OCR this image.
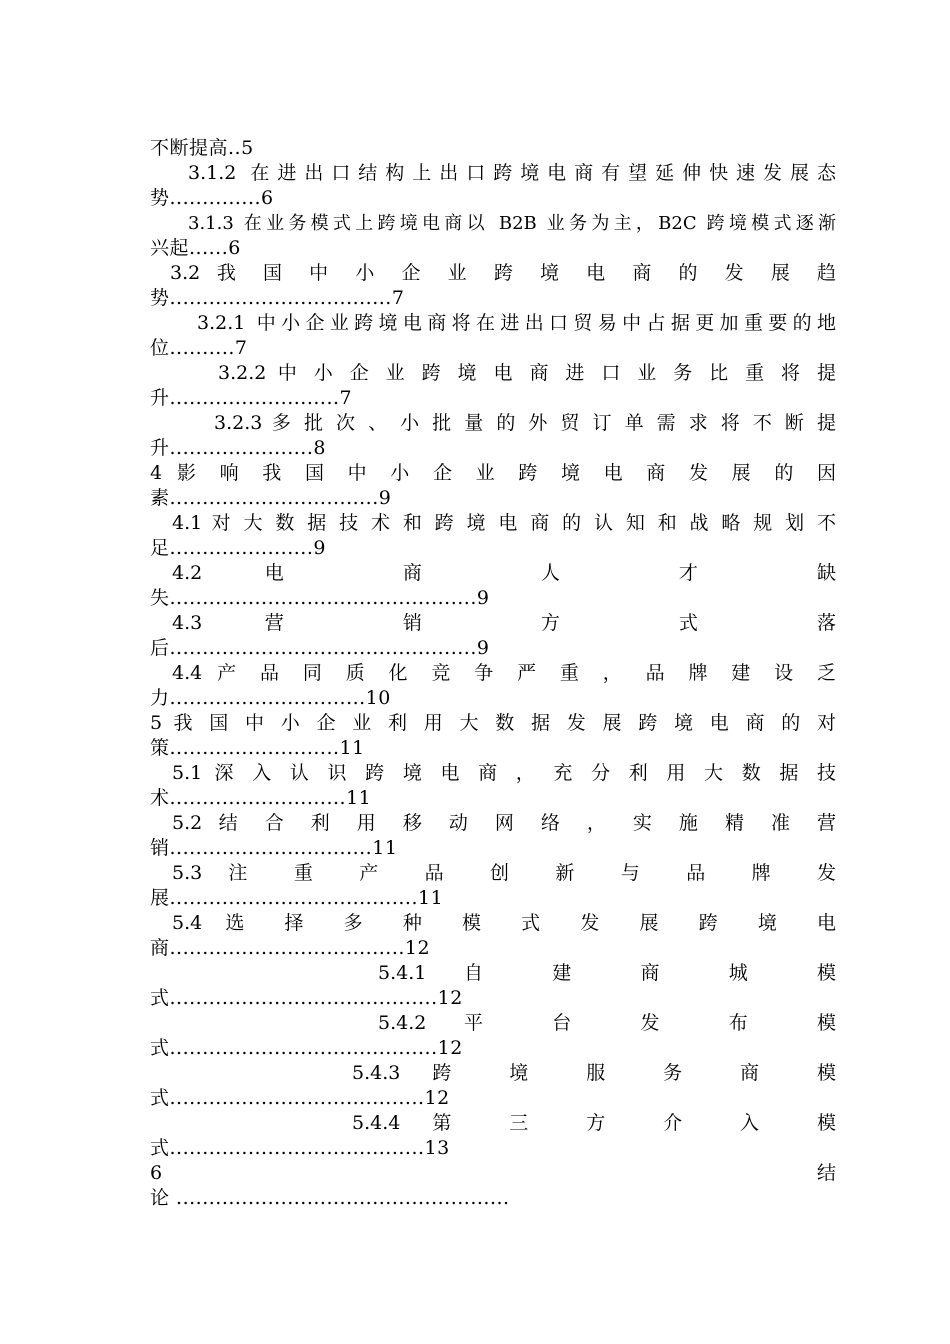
不断提高..5
3.1.2 在进出口结构上出口跨境电商有望延伸快速发展态
势..............6
3.1.3 在业务模式上跨境电商以 B2B 业务为主，B2C 跨境模式逐渐
兴起......6
3.2 我 国 中 小 企 业 跨 境 电 商 的 发 展 趋
势..................................7
3.2.1 中小企业跨境电商将在进出口贸易中占据更加重要的地
位..........7
3.2.2 中 小 企 业 跨 境 电 商 进 口 业 务 比 重 将 提
升..........................7
3.2.3 多 批 次 、 小 批 量 的 外 贸 订 单 需 求 将 不 断 提
升......................8
4 影 响 我 国 中 小 企 业 跨 境 电 商 发 展 的 因
素................................9
4.1 对 大 数 据 技 术 和 跨 境 电 商 的 认 知 和 战 略 规 划 不
足......................9
4.2 电 商 人 才 缺
失...............................................9
4.3 营 销 方 式 落
后...............................................9
4.4 产 品 同 质 化 竞 争 严 重 ， 品 牌 建 设 乏
力..............................10
5 我 国 中 小 企 业 利 用 大 数 据 发 展 跨 境 电 商 的 对
策..........................11
5.1 深 入 认 识 跨 境 电 商 ， 充 分 利 用 大 数 据 技
术...........................11
5.2 结 合 利 用 移 动 网 络 ， 实 施 精 准 营
销...............................11
5.3 注 重 产 品 创 新 与 品 牌 发
展......................................11
5.4 选 择 多 种 模 式 发 展 跨 境 电
商....................................12
5.4.1 自 建 商 城 模
式.........................................12
5.4.2 平 台 发 布 模
式.........................................12
5.4.3 跨 境 服 务 商 模
式.......................................12
5.4.4 第 三 方 介 入 模
式.......................................13
6 结
论 ...................................................
